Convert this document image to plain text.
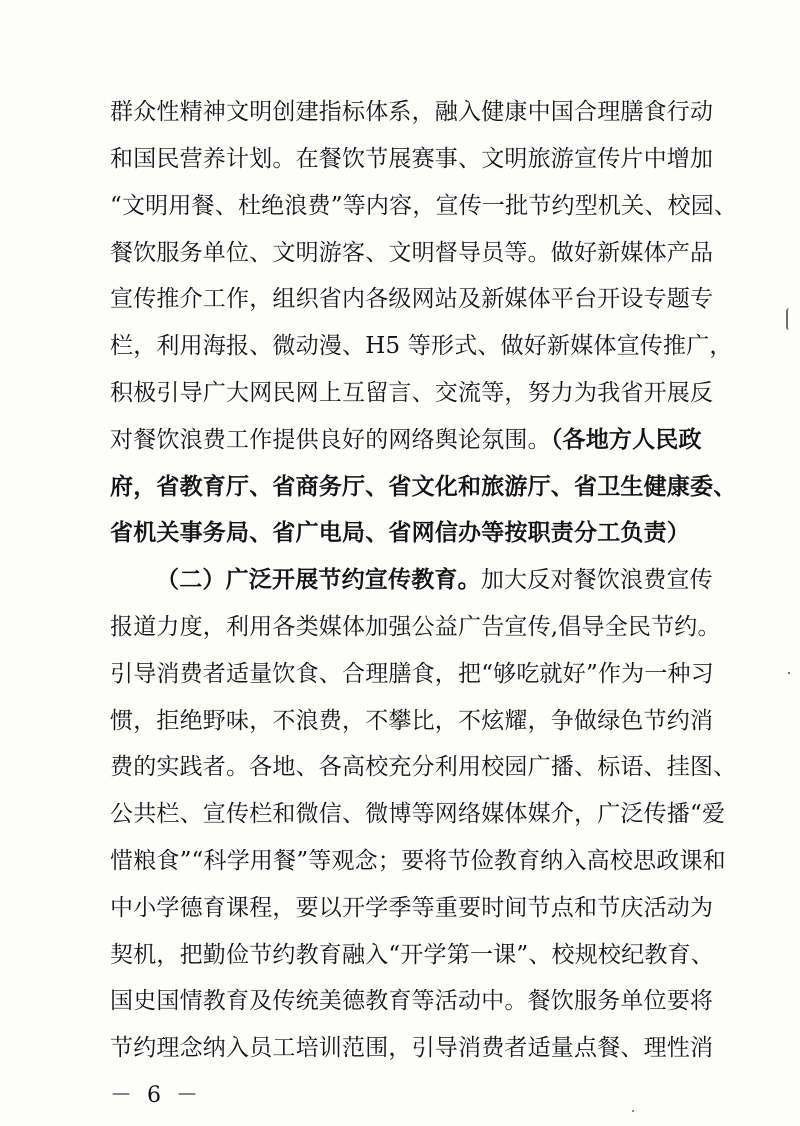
群众性精神文明创建指标体系，融入健康中国合理膳食行动
和国民营养计划。在餐饮节展赛事、文明旅游宣传片中增加
“文明用餐、杜绝浪费”等内容，宣传一批节约型机关、校园、
餐饮服务单位、文明游客、文明督导员等。做好新媒体产品
宣传推介工作，组织省内各级网站及新媒体平台开设专题专
栏，利用海报、微动漫、H5 等形式、做好新媒体宣传推广，
积极引导广大网民网上互留言、交流等，努力为我省开展反
对餐饮浪费工作提供良好的网络舆论氛围。（各地方人民政
府，省教育厅、省商务厅、省文化和旅游厅、省卫生健康委、
省机关事务局、省广电局、省网信办等按职责分工负责）
（二）广泛开展节约宣传教育。加大反对餐饮浪费宣传
报道力度，利用各类媒体加强公益广告宣传,倡导全民节约。
引导消费者适量饮食、合理膳食，把“够吃就好”作为一种习
惯，拒绝野味，不浪费，不攀比，不炫耀，争做绿色节约消
费的实践者。各地、各高校充分利用校园广播、标语、挂图、
公共栏、宣传栏和微信、微博等网络媒体媒介，广泛传播“爱
惜粮食”“科学用餐”等观念；要将节俭教育纳入高校思政课和
中小学德育课程，要以开学季等重要时间节点和节庆活动为
契机，把勤俭节约教育融入“开学第一课”、校规校纪教育、
国史国情教育及传统美德教育等活动中。餐饮服务单位要将
节约理念纳入员工培训范围，引导消费者适量点餐、理性消
－ 6 －
